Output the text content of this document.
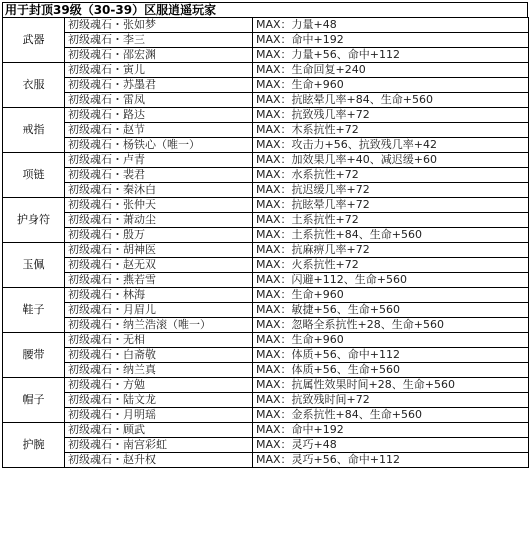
用于封顶39级（30-39）区服逍遥玩家
武器	初级魂石・张如梦	MAX：力量+48
	初级魂石・李三	MAX：命中+192
	初级魂石・邵宏渊	MAX：力量+56、命中+112
衣服	初级魂石・寅儿	MAX：生命回复+240
	初级魂石・苏墨君	MAX：生命+960
	初级魂石・雷凤	MAX：抗眩晕几率+84、生命+560
戒指	初级魂石・路达	MAX：抗致残几率+72
	初级魂石・赵节	MAX：木系抗性+72
	初级魂石・杨铁心（唯一）	MAX：攻击力+56、抗致残几率+42
项链	初级魂石・卢青	MAX：加效果几率+40、减迟缓+60
	初级魂石・裴君	MAX：水系抗性+72
	初级魂石・秦沐白	MAX：抗迟缓几率+72
护身符	初级魂石・张仲天	MAX：抗眩晕几率+72
	初级魂石・萧动尘	MAX：土系抗性+72
	初级魂石・殷万	MAX：土系抗性+84、生命+560
玉佩	初级魂石・胡神医	MAX：抗麻痹几率+72
	初级魂石・赵无双	MAX：火系抗性+72
	初级魂石・燕若雪	MAX：闪避+112、生命+560
鞋子	初级魂石・林海	MAX：生命+960
	初级魂石・月眉儿	MAX：敏捷+56、生命+560
	初级魂石・纳兰浩滚（唯一）	MAX：忽略全系抗性+28、生命+560
腰带	初级魂石・无相	MAX：生命+960
	初级魂石・白斋敬	MAX：体质+56、命中+112
	初级魂石・纳兰真	MAX：体质+56、生命+560
帽子	初级魂石・方勉	MAX：抗属性效果时间+28、生命+560
	初级魂石・陆文龙	MAX：抗致残时间+72
	初级魂石・月明瑶	MAX：金系抗性+84、生命+560
护腕	初级魂石・顾武	MAX：命中+192
	初级魂石・南宫彩虹	MAX：灵巧+48
	初级魂石・赵升权	MAX：灵巧+56、命中+112
